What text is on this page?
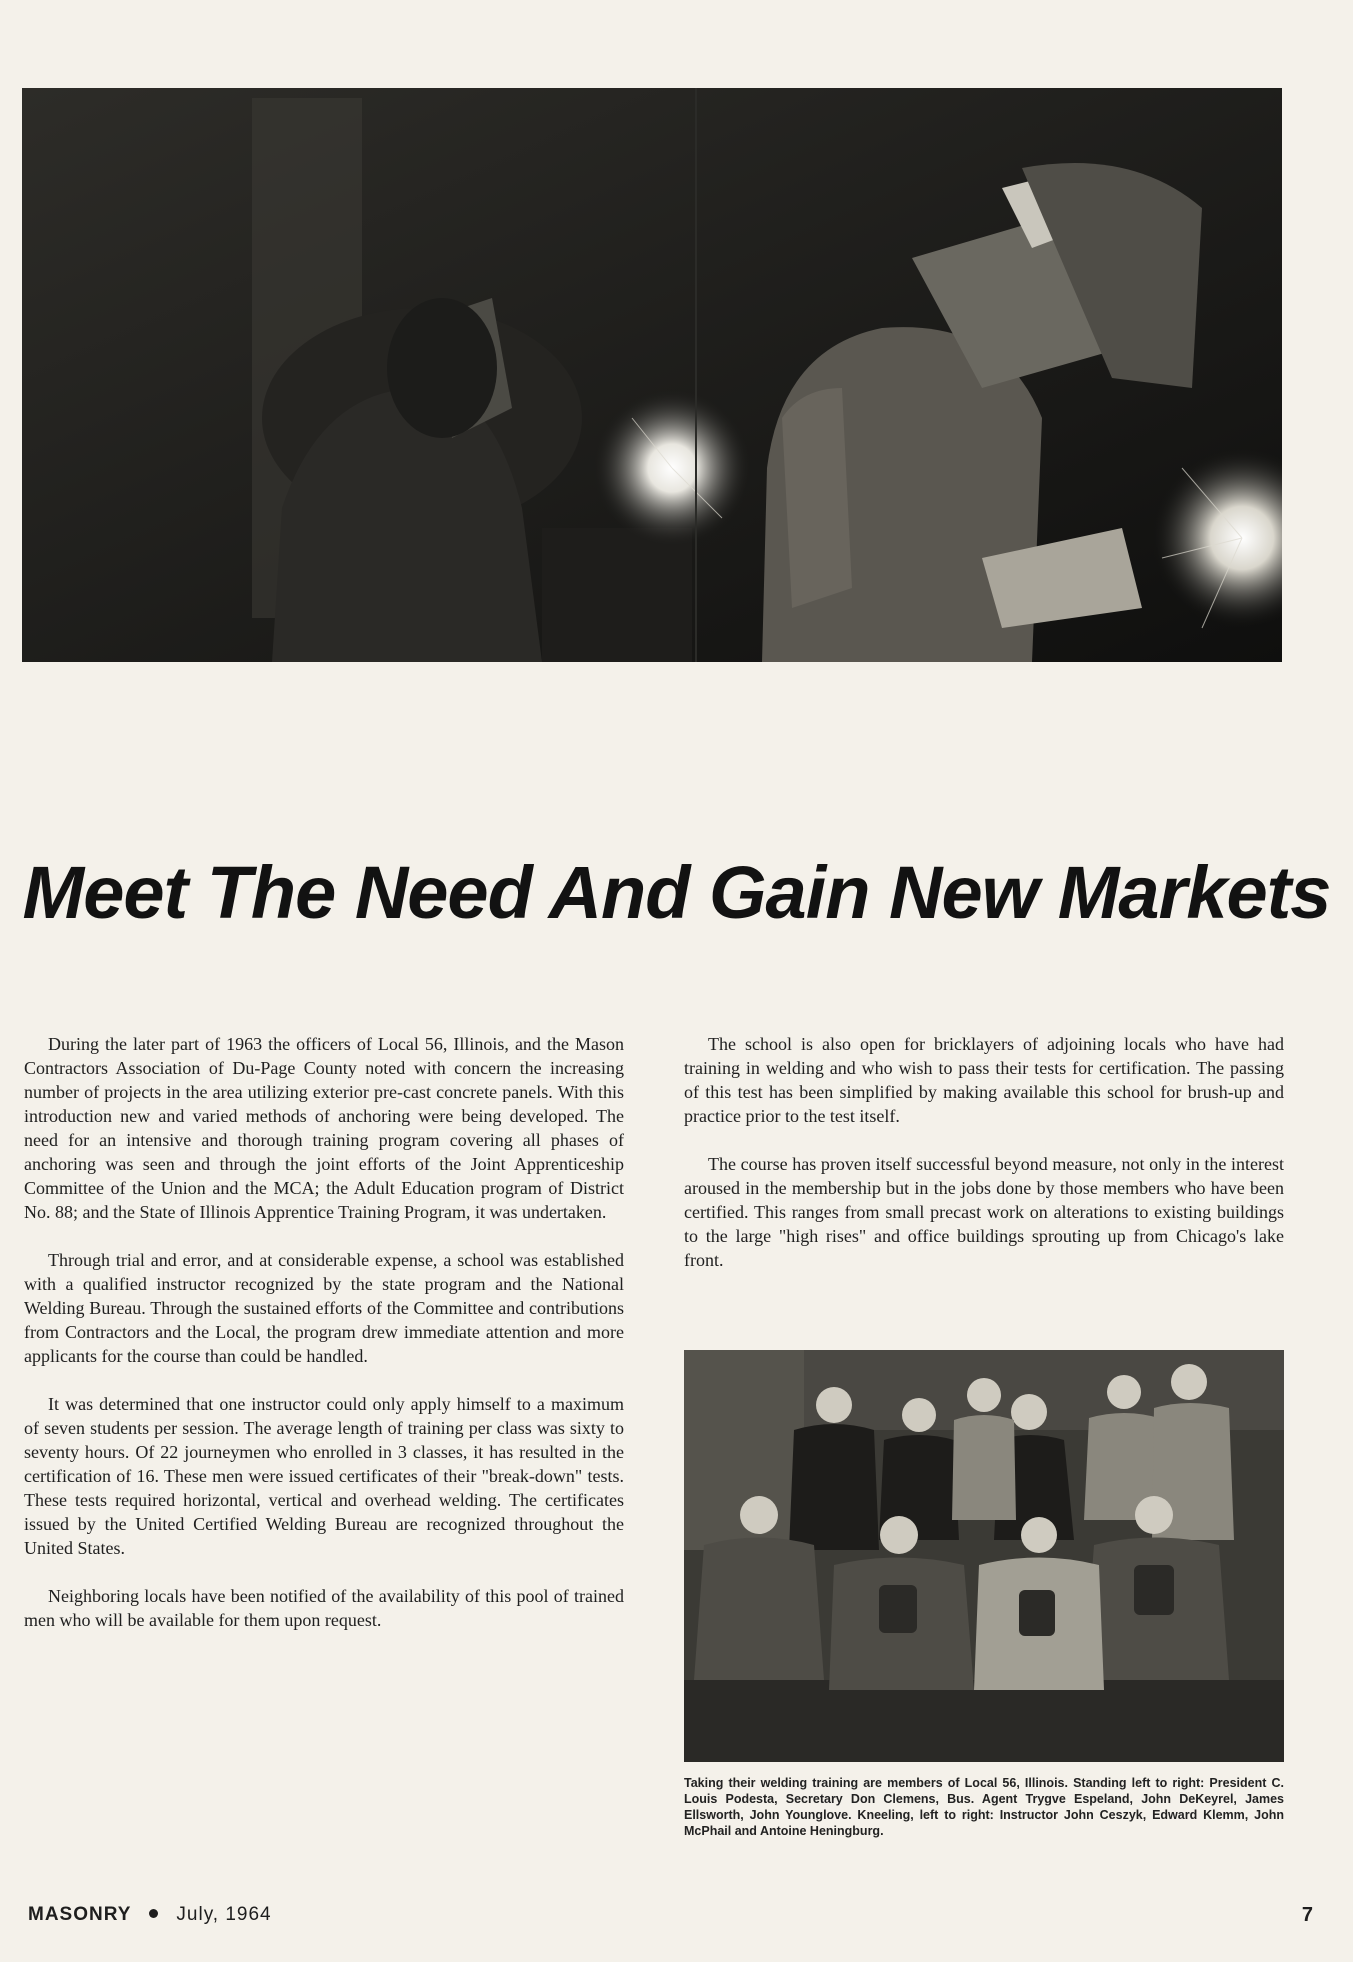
Meet The Need And Gain New Markets

During the later part of 1963 the officers of Local 56, Illinois, and the Mason Contractors Association of Du-Page County noted with concern the increasing number of projects in the area utilizing exterior pre-cast concrete panels. With this introduction new and varied methods of anchoring were being developed. The need for an intensive and thorough training program covering all phases of anchoring was seen and through the joint efforts of the Joint Apprenticeship Committee of the Union and the MCA; the Adult Education program of District No. 88; and the State of Illinois Apprentice Training Program, it was undertaken.

Through trial and error, and at considerable expense, a school was established with a qualified instructor recognized by the state program and the National Welding Bureau. Through the sustained efforts of the Committee and contributions from Contractors and the Local, the program drew immediate attention and more applicants for the course than could be handled.

It was determined that one instructor could only apply himself to a maximum of seven students per session. The average length of training per class was sixty to seventy hours. Of 22 journeymen who enrolled in 3 classes, it has resulted in the certification of 16. These men were issued certificates of their "break-down" tests. These tests required horizontal, vertical and overhead welding. The certificates issued by the United Certified Welding Bureau are recognized throughout the United States.

Neighboring locals have been notified of the availability of this pool of trained men who will be available for them upon request.

The school is also open for bricklayers of adjoining locals who have had training in welding and who wish to pass their tests for certification. The passing of this test has been simplified by making available this school for brush-up and practice prior to the test itself.

The course has proven itself successful beyond measure, not only in the interest aroused in the membership but in the jobs done by those members who have been certified. This ranges from small precast work on alterations to existing buildings to the large "high rises" and office buildings sprouting up from Chicago's lake front.

Taking their welding training are members of Local 56, Illinois. Standing left to right: President C. Louis Podesta, Secretary Don Clemens, Bus. Agent Trygve Espeland, John DeKeyrel, James Ellsworth, John Younglove. Kneeling, left to right: Instructor John Ceszyk, Edward Klemm, John McPhail and Antoine Heningburg.
MASONRY July, 1964	7
